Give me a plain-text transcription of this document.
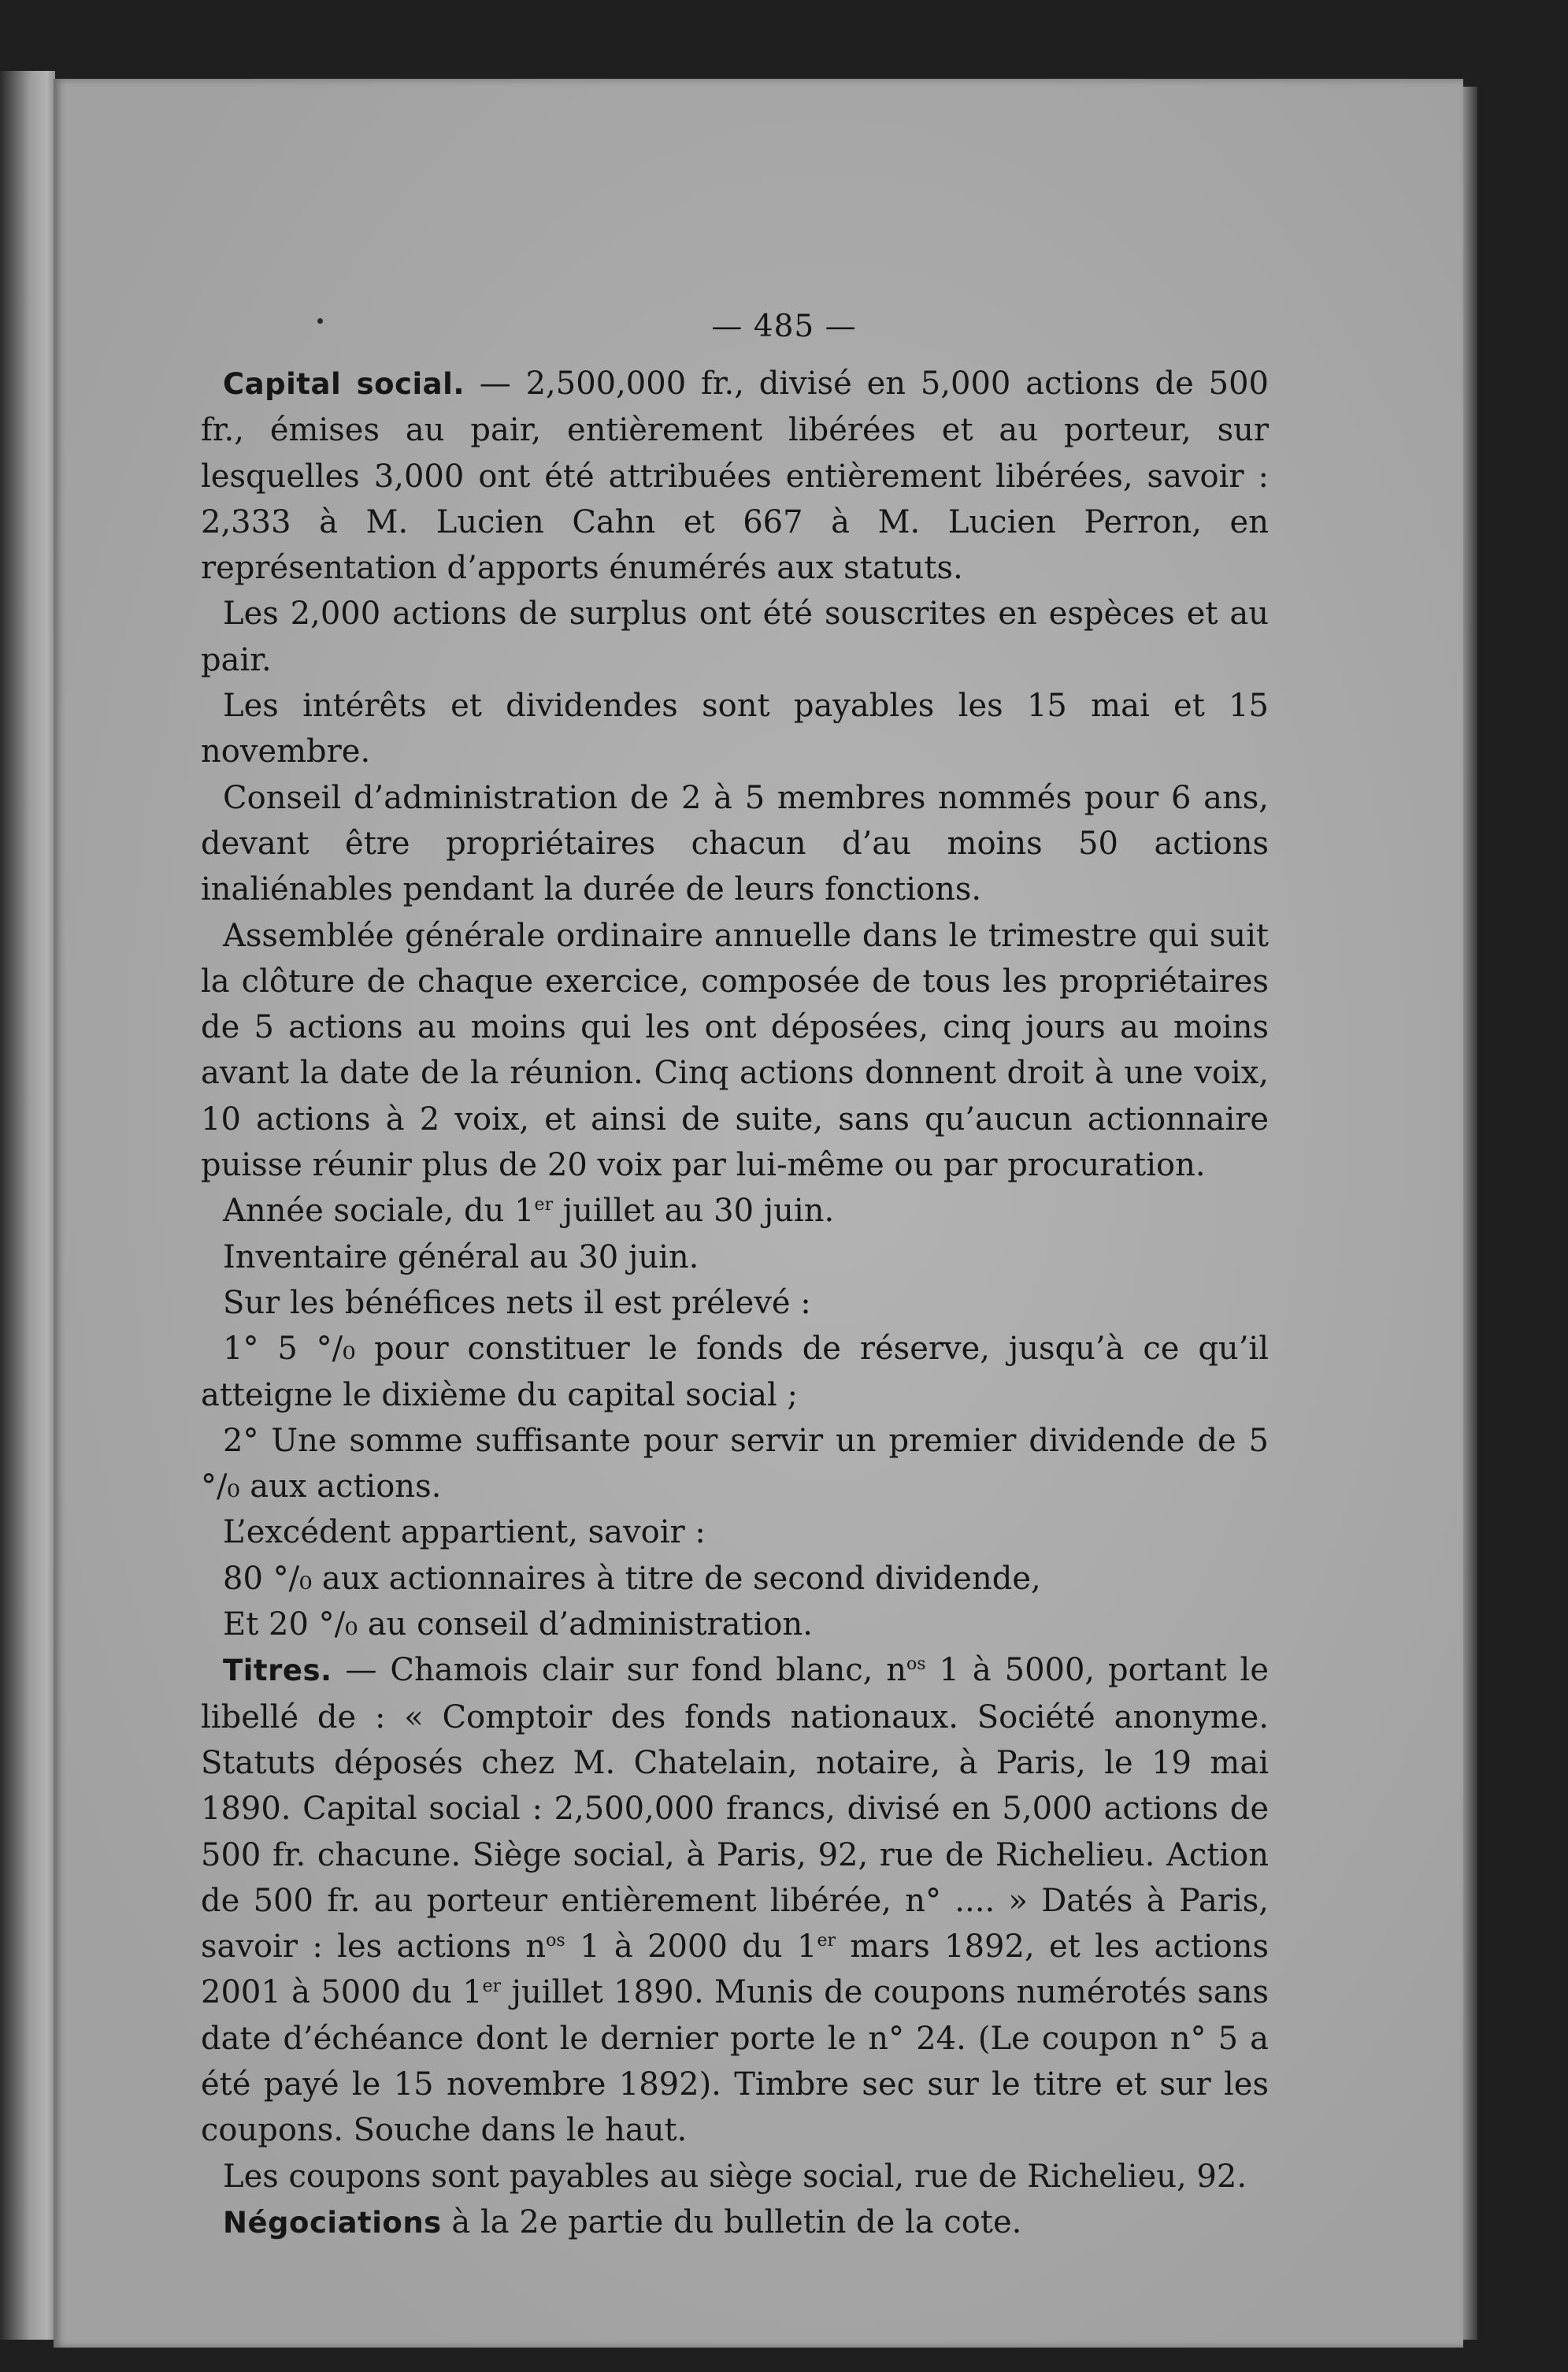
— 485 —

Capital social. — 2,500,000 fr., divisé en 5,000 actions de 500 fr., émises au pair, entièrement libérées et au porteur, sur lesquelles 3,000 ont été attribuées entièrement libérées, savoir : 2,333 à M. Lucien Cahn et 667 à M. Lucien Perron, en représentation d’apports énumérés aux statuts.

Les 2,000 actions de surplus ont été souscrites en espèces et au pair.

Les intérêts et dividendes sont payables les 15 mai et 15 novembre.

Conseil d’administration de 2 à 5 membres nommés pour 6 ans, devant être propriétaires chacun d’au moins 50 actions inaliénables pendant la durée de leurs fonctions.

Assemblée générale ordinaire annuelle dans le trimestre qui suit la clôture de chaque exercice, composée de tous les propriétaires de 5 actions au moins qui les ont déposées, cinq jours au moins avant la date de la réunion. Cinq actions donnent droit à une voix, 10 actions à 2 voix, et ainsi de suite, sans qu’aucun actionnaire puisse réunir plus de 20 voix par lui-même ou par procuration.

Année sociale, du 1er juillet au 30 juin.

Inventaire général au 30 juin.

Sur les bénéfices nets il est prélevé :

1° 5 °/₀ pour constituer le fonds de réserve, jusqu’à ce qu’il atteigne le dixième du capital social ;

2° Une somme suffisante pour servir un premier dividende de 5 °/₀ aux actions.

L’excédent appartient, savoir :

80 °/₀ aux actionnaires à titre de second dividende,

Et 20 °/₀ au conseil d’administration.

Titres. — Chamois clair sur fond blanc, $n^{os}$ 1 à 5000, portant le libellé de : « Comptoir des fonds nationaux. Société anonyme. Statuts déposés chez M. Chatelain, notaire, à Paris, le 19 mai 1890. Capital social : 2,500,000 francs, divisé en 5,000 actions de 500 fr. chacune. Siège social, à Paris, 92, rue de Richelieu. Action de 500 fr. au porteur entièrement libérée, n° .... » Datés à Paris, savoir : les actions $n^{os}$ 1 à 2000 du 1er mars 1892, et les actions 2001 à 5000 du 1er juillet 1890. Munis de coupons numérotés sans date d’échéance dont le dernier porte le n° 24. (Le coupon n° 5 a été payé le 15 novembre 1892). Timbre sec sur le titre et sur les coupons. Souche dans le haut.

Les coupons sont payables au siège social, rue de Richelieu, 92.

Négociations à la 2e partie du bulletin de la cote.
